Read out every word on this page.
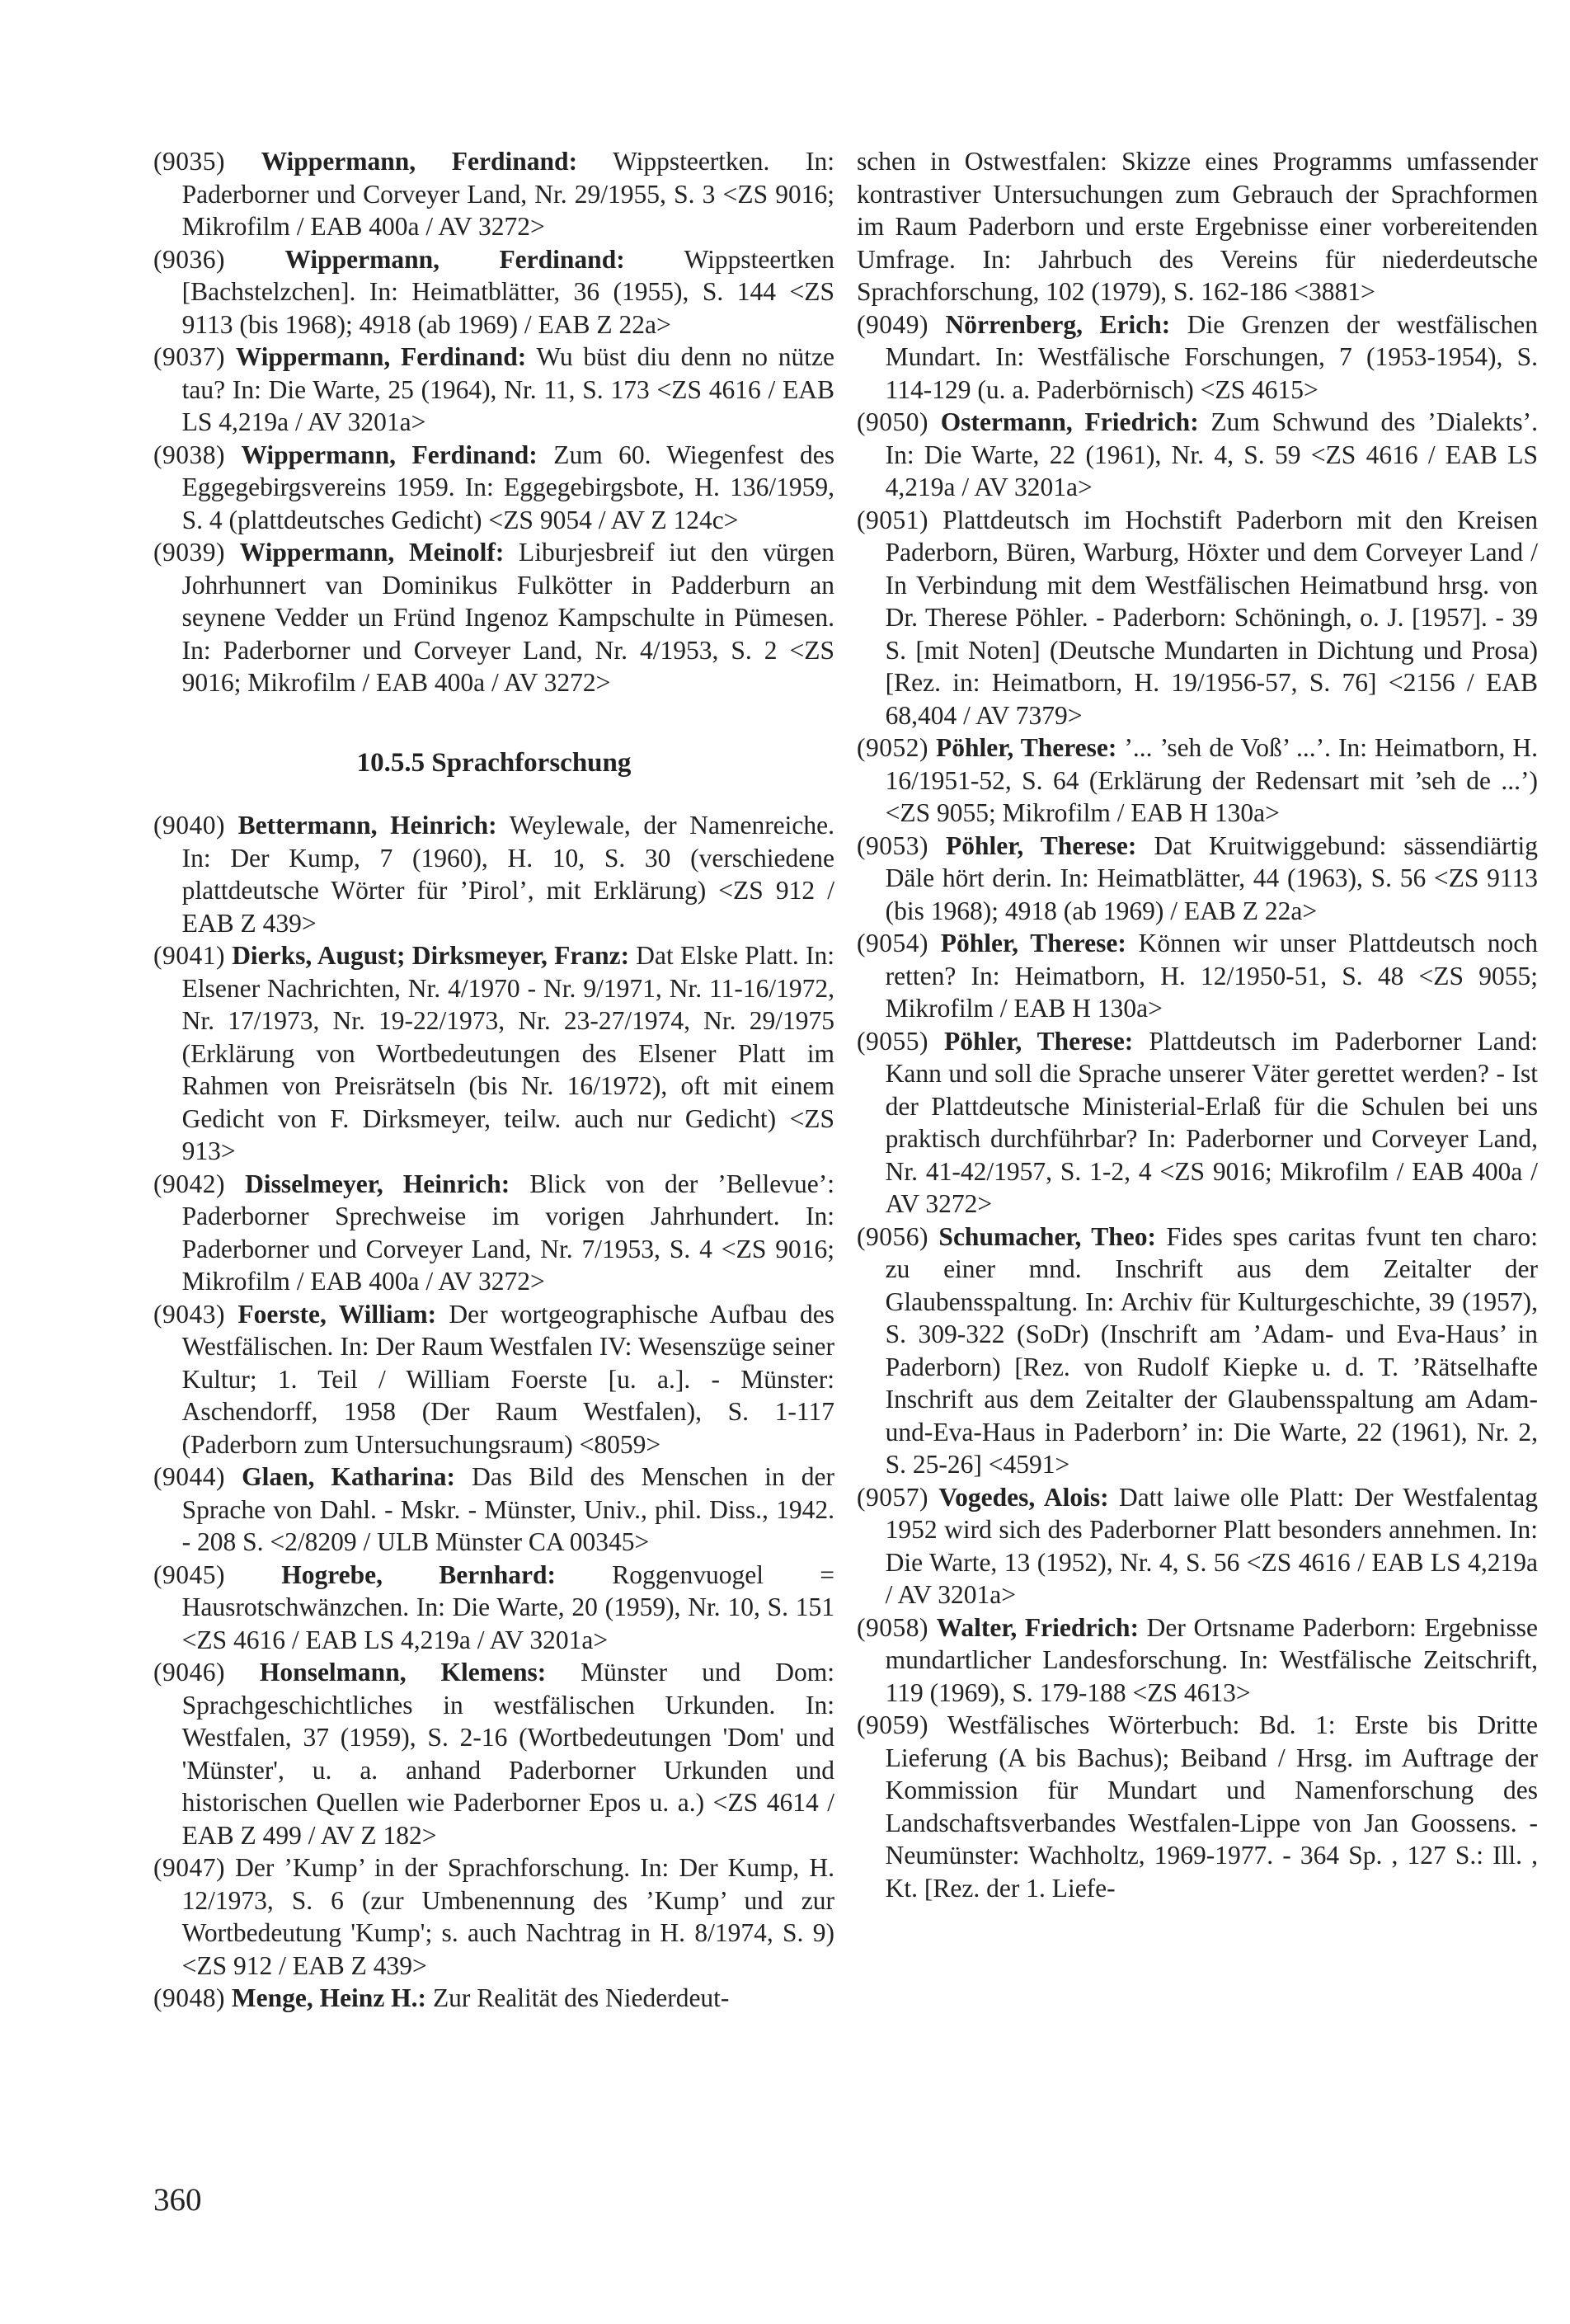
(9035) Wippermann, Ferdinand: Wippsteertken. In: Paderborner und Corveyer Land, Nr. 29/1955, S. 3 <ZS 9016; Mikrofilm / EAB 400a / AV 3272>

(9036) Wippermann, Ferdinand: Wippsteertken [Bachstelzchen]. In: Heimatblätter, 36 (1955), S. 144 <ZS 9113 (bis 1968); 4918 (ab 1969) / EAB Z 22a>

(9037) Wippermann, Ferdinand: Wu büst diu denn no nütze tau? In: Die Warte, 25 (1964), Nr. 11, S. 173 <ZS 4616 / EAB LS 4,219a / AV 3201a>

(9038) Wippermann, Ferdinand: Zum 60. Wiegenfest des Eggegebirgsvereins 1959. In: Eggegebirgsbote, H. 136/1959, S. 4 (plattdeutsches Gedicht) <ZS 9054 / AV Z 124c>

(9039) Wippermann, Meinolf: Liburjesbreif iut den vürgen Johrhunnert van Dominikus Fulkötter in Padderburn an seynene Vedder un Fründ Ingenoz Kampschulte in Pümesen. In: Paderborner und Corveyer Land, Nr. 4/1953, S. 2 <ZS 9016; Mikrofilm / EAB 400a / AV 3272>

10.5.5 Sprachforschung

(9040) Bettermann, Heinrich: Weylewale, der Namenreiche. In: Der Kump, 7 (1960), H. 10, S. 30 (verschiedene plattdeutsche Wörter für ’Pirol’, mit Erklärung) <ZS 912 / EAB Z 439>

(9041) Dierks, August; Dirksmeyer, Franz: Dat Elske Platt. In: Elsener Nachrichten, Nr. 4/1970 - Nr. 9/1971, Nr. 11-16/1972, Nr. 17/1973, Nr. 19-22/1973, Nr. 23-27/1974, Nr. 29/1975 (Erklärung von Wortbedeutungen des Elsener Platt im Rahmen von Preisrätseln (bis Nr. 16/1972), oft mit einem Gedicht von F. Dirksmeyer, teilw. auch nur Gedicht) <ZS 913>

(9042) Disselmeyer, Heinrich: Blick von der ’Bellevue’: Paderborner Sprechweise im vorigen Jahrhundert. In: Paderborner und Corveyer Land, Nr. 7/1953, S. 4 <ZS 9016; Mikrofilm / EAB 400a / AV 3272>

(9043) Foerste, William: Der wortgeographische Aufbau des Westfälischen. In: Der Raum Westfalen IV: Wesenszüge seiner Kultur; 1. Teil / William Foerste [u. a.]. - Münster: Aschendorff, 1958 (Der Raum Westfalen), S. 1-117 (Paderborn zum Untersuchungsraum) <8059>

(9044) Glaen, Katharina: Das Bild des Menschen in der Sprache von Dahl. - Mskr. - Münster, Univ., phil. Diss., 1942. - 208 S. <2/8209 / ULB Münster CA 00345>

(9045) Hogrebe, Bernhard: Roggenvuogel = Hausrotschwänzchen. In: Die Warte, 20 (1959), Nr. 10, S. 151 <ZS 4616 / EAB LS 4,219a / AV 3201a>

(9046) Honselmann, Klemens: Münster und Dom: Sprachgeschichtliches in westfälischen Urkunden. In: Westfalen, 37 (1959), S. 2-16 (Wortbedeutungen 'Dom' und 'Münster', u. a. anhand Paderborner Urkunden und historischen Quellen wie Paderborner Epos u. a.) <ZS 4614 / EAB Z 499 / AV Z 182>

(9047) Der ’Kump’ in der Sprachforschung. In: Der Kump, H. 12/1973, S. 6 (zur Umbenennung des ’Kump’ und zur Wortbedeutung 'Kump'; s. auch Nachtrag in H. 8/1974, S. 9) <ZS 912 / EAB Z 439>

(9048) Menge, Heinz H.: Zur Realität des Niederdeut-

schen in Ostwestfalen: Skizze eines Programms umfassender kontrastiver Untersuchungen zum Gebrauch der Sprachformen im Raum Paderborn und erste Ergebnisse einer vorbereitenden Umfrage. In: Jahrbuch des Vereins für niederdeutsche Sprachforschung, 102 (1979), S. 162-186 <3881>

(9049) Nörrenberg, Erich: Die Grenzen der westfälischen Mundart. In: Westfälische Forschungen, 7 (1953-1954), S. 114-129 (u. a. Paderbörnisch) <ZS 4615>

(9050) Ostermann, Friedrich: Zum Schwund des ’Dialekts’. In: Die Warte, 22 (1961), Nr. 4, S. 59 <ZS 4616 / EAB LS 4,219a / AV 3201a>

(9051) Plattdeutsch im Hochstift Paderborn mit den Kreisen Paderborn, Büren, Warburg, Höxter und dem Corveyer Land / In Verbindung mit dem Westfälischen Heimatbund hrsg. von Dr. Therese Pöhler. - Paderborn: Schöningh, o. J. [1957]. - 39 S. [mit Noten] (Deutsche Mundarten in Dichtung und Prosa) [Rez. in: Heimatborn, H. 19/1956-57, S. 76] <2156 / EAB 68,404 / AV 7379>

(9052) Pöhler, Therese: ’... ’seh de Voß’ ...’. In: Heimatborn, H. 16/1951-52, S. 64 (Erklärung der Redensart mit ’seh de ...’) <ZS 9055; Mikrofilm / EAB H 130a>

(9053) Pöhler, Therese: Dat Kruitwiggebund: sässendiärtig Däle hört derin. In: Heimatblätter, 44 (1963), S. 56 <ZS 9113 (bis 1968); 4918 (ab 1969) / EAB Z 22a>

(9054) Pöhler, Therese: Können wir unser Plattdeutsch noch retten? In: Heimatborn, H. 12/1950-51, S. 48 <ZS 9055; Mikrofilm / EAB H 130a>

(9055) Pöhler, Therese: Plattdeutsch im Paderborner Land: Kann und soll die Sprache unserer Väter gerettet werden? - Ist der Plattdeutsche Ministerial-Erlaß für die Schulen bei uns praktisch durchführbar? In: Paderborner und Corveyer Land, Nr. 41-42/1957, S. 1-2, 4 <ZS 9016; Mikrofilm / EAB 400a / AV 3272>

(9056) Schumacher, Theo: Fides spes caritas fvunt ten charo: zu einer mnd. Inschrift aus dem Zeitalter der Glaubensspaltung. In: Archiv für Kulturgeschichte, 39 (1957), S. 309-322 (SoDr) (Inschrift am ’Adam- und Eva-Haus’ in Paderborn) [Rez. von Rudolf Kiepke u. d. T. ’Rätselhafte Inschrift aus dem Zeitalter der Glaubensspaltung am Adam-und-Eva-Haus in Paderborn’ in: Die Warte, 22 (1961), Nr. 2, S. 25-26] <4591>

(9057) Vogedes, Alois: Datt laiwe olle Platt: Der Westfalentag 1952 wird sich des Paderborner Platt besonders annehmen. In: Die Warte, 13 (1952), Nr. 4, S. 56 <ZS 4616 / EAB LS 4,219a / AV 3201a>

(9058) Walter, Friedrich: Der Ortsname Paderborn: Ergebnisse mundartlicher Landesforschung. In: Westfälische Zeitschrift, 119 (1969), S. 179-188 <ZS 4613>

(9059) Westfälisches Wörterbuch: Bd. 1: Erste bis Dritte Lieferung (A bis Bachus); Beiband / Hrsg. im Auftrage der Kommission für Mundart und Namenforschung des Landschaftsverbandes Westfalen-Lippe von Jan Goossens. - Neumünster: Wachholtz, 1969-1977. - 364 Sp. , 127 S.: Ill. , Kt. [Rez. der 1. Liefe-

360
